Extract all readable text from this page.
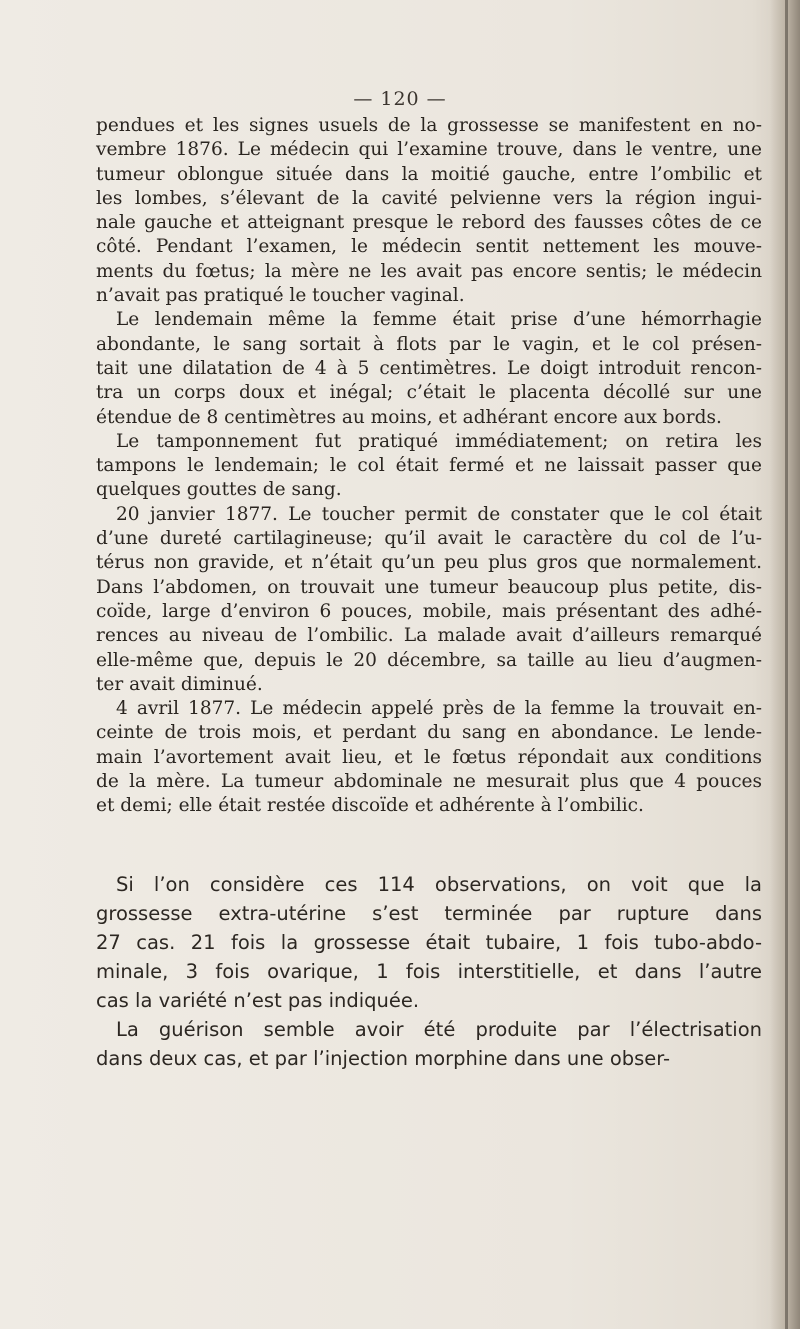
— 120 —

pendues et les signes usuels de la grossesse se manifestent en no-
vembre 1876. Le médecin qui l’examine trouve, dans le ventre, une
tumeur oblongue située dans la moitié gauche, entre l’ombilic et
les lombes, s’élevant de la cavité pelvienne vers la région ingui-
nale gauche et atteignant presque le rebord des fausses côtes de ce
côté. Pendant l’examen, le médecin sentit nettement les mouve-
ments du fœtus; la mère ne les avait pas encore sentis; le médecin
n’avait pas pratiqué le toucher vaginal.

Le lendemain même la femme était prise d’une hémorrhagie
abondante, le sang sortait à flots par le vagin, et le col présen-
tait une dilatation de 4 à 5 centimètres. Le doigt introduit rencon-
tra un corps doux et inégal; c’était le placenta décollé sur une
étendue de 8 centimètres au moins, et adhérant encore aux bords.

Le tamponnement fut pratiqué immédiatement; on retira les
tampons le lendemain; le col était fermé et ne laissait passer que
quelques gouttes de sang.

20 janvier 1877. Le toucher permit de constater que le col était
d’une dureté cartilagineuse; qu’il avait le caractère du col de l’u-
térus non gravide, et n’était qu’un peu plus gros que normalement.
Dans l’abdomen, on trouvait une tumeur beaucoup plus petite, dis-
coïde, large d’environ 6 pouces, mobile, mais présentant des adhé-
rences au niveau de l’ombilic. La malade avait d’ailleurs remarqué
elle-même que, depuis le 20 décembre, sa taille au lieu d’augmen-
ter avait diminué.

4 avril 1877. Le médecin appelé près de la femme la trouvait en-
ceinte de trois mois, et perdant du sang en abondance. Le lende-
main l’avortement avait lieu, et le fœtus répondait aux conditions
de la mère. La tumeur abdominale ne mesurait plus que 4 pouces
et demi; elle était restée discoïde et adhérente à l’ombilic.

Si l’on considère ces 114 observations, on voit que la
grossesse extra-utérine s’est terminée par rupture dans
27 cas. 21 fois la grossesse était tubaire, 1 fois tubo-abdo-
minale, 3 fois ovarique, 1 fois interstitielle, et dans l’autre
cas la variété n’est pas indiquée.

La guérison semble avoir été produite par l’électrisation
dans deux cas, et par l’injection morphine dans une obser-
